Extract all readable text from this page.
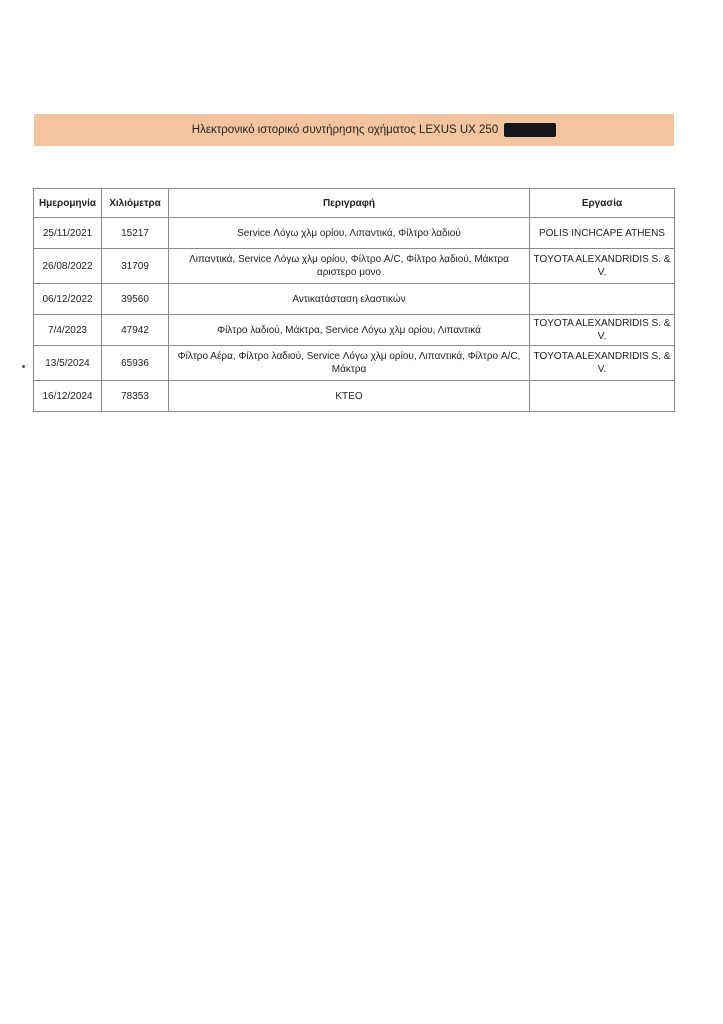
Ηλεκτρονικό ιστορικό συντήρησης οχήματος LEXUS UX 250
Ημερομηνία	Χιλιόμετρα	Περιγραφή	Εργασία
25/11/2021	15217	Service Λόγω χλμ ορίου, Λιπαντικά, Φίλτρο λαδιού	POLIS INCHCAPE ATHENS
26/08/2022	31709	Λιπαντικά, Service Λόγω χλμ ορίου, Φίλτρο A/C, Φίλτρο λαδιού, Μάκτρα αριστερο μονο	TOYOTA ALEXANDRIDIS S. & V.
06/12/2022	39560	Αντικατάσταση ελαστικών	
7/4/2023	47942	Φίλτρο λαδιού, Μάκτρα, Service Λόγω χλμ ορίου, Λιπαντικά	TOYOTA ALEXANDRIDIS S. & V.
13/5/2024	65936	Φίλτρο Αέρα, Φίλτρο λαδιού, Service Λόγω χλμ ορίου, Λιπαντικά, Φίλτρο A/C, Μάκτρα	TOYOTA ALEXANDRIDIS S. & V.
16/12/2024	78353	ΚΤΕΟ	
